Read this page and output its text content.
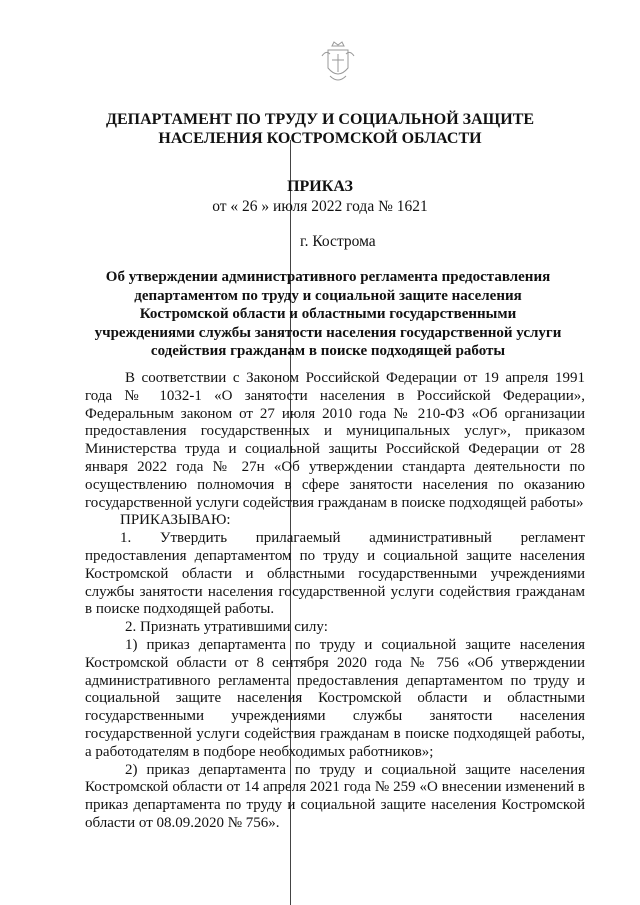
ДЕПАРТАМЕНТ ПО ТРУДУ И СОЦИАЛЬНОЙ ЗАЩИТЕ
НАСЕЛЕНИЯ КОСТРОМСКОЙ ОБЛАСТИ
ПРИКАЗ
от « 26 » июля 2022 года № 1621
г. Кострома
Об утверждении административного регламента предоставления департаментом по труду и социальной защите населения Костромской области и областными государственными учреждениями службы занятости населения государственной услуги содействия гражданам в поиске подходящей работы

В соответствии с Законом Российской Федерации от 19 апреля 1991 года № 1032-1 «О занятости населения в Российской Федерации», Федеральным законом от 27 июля 2010 года № 210-ФЗ «Об организации предоставления государственных и муниципальных услуг», приказом Министерства труда и социальной защиты Российской Федерации от 28 января 2022 года № 27н «Об утверждении стандарта деятельности по осуществлению полномочия в сфере занятости населения по оказанию государственной услуги содействия гражданам в поиске подходящей работы»

ПРИКАЗЫВАЮ:

1. Утвердить прилагаемый административный регламент предоставления департаментом по труду и социальной защите населения Костромской области и областными государственными учреждениями службы занятости населения государственной услуги содействия гражданам в поиске подходящей работы.

2. Признать утратившими силу:

1) приказ департамента по труду и социальной защите населения Костромской области от 8 сентября 2020 года № 756 «Об утверждении административного регламента предоставления департаментом по труду и социальной защите населения Костромской области и областными государственными учреждениями службы занятости населения государственной услуги содействия гражданам в поиске подходящей работы, а работодателям в подборе необходимых работников»;

2) приказ департамента по труду и социальной защите населения Костромской области от 14 апреля 2021 года № 259 «О внесении изменений в приказ департамента по труду и социальной защите населения Костромской области от 08.09.2020 № 756».
